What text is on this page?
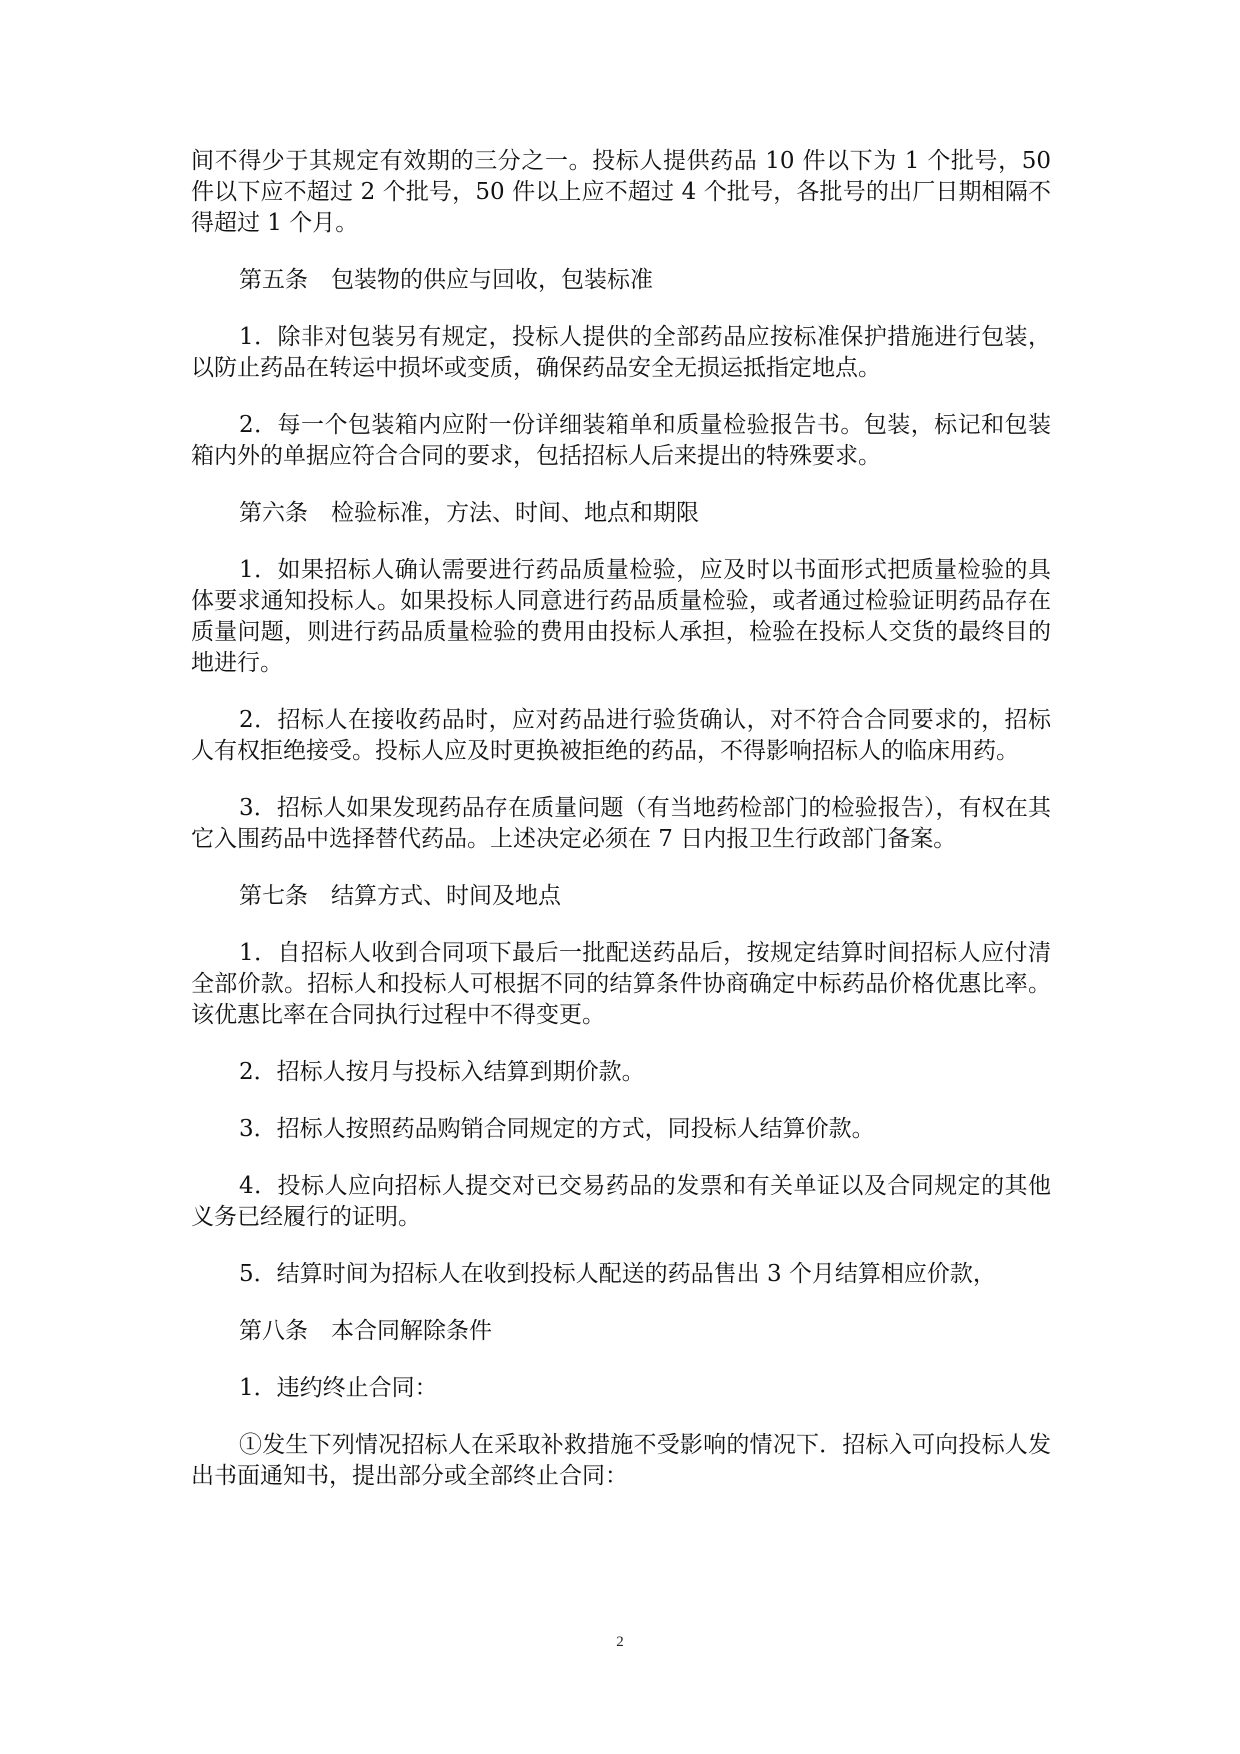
间不得少于其规定有效期的三分之一。投标人提供药品 10 件以下为 1 个批号，50 件以下应不超过 2 个批号，50 件以上应不超过 4 个批号，各批号的出厂日期相隔不得超过 1 个月。

第五条　包装物的供应与回收，包装标准

1．除非对包装另有规定，投标人提供的全部药品应按标准保护措施进行包装，以防止药品在转运中损坏或变质，确保药品安全无损运抵指定地点。

2．每一个包装箱内应附一份详细装箱单和质量检验报告书。包装，标记和包装箱内外的单据应符合合同的要求，包括招标人后来提出的特殊要求。

第六条　检验标准，方法、时间、地点和期限

1．如果招标人确认需要进行药品质量检验，应及时以书面形式把质量检验的具体要求通知投标人。如果投标人同意进行药品质量检验，或者通过检验证明药品存在质量问题，则进行药品质量检验的费用由投标人承担，检验在投标人交货的最终目的地进行。

2．招标人在接收药品时，应对药品进行验货确认，对不符合合同要求的，招标人有权拒绝接受。投标人应及时更换被拒绝的药品，不得影响招标人的临床用药。

3．招标人如果发现药品存在质量问题（有当地药检部门的检验报告），有权在其它入围药品中选择替代药品。上述决定必须在 7 日内报卫生行政部门备案。

第七条　结算方式、时间及地点

1．自招标人收到合同项下最后一批配送药品后，按规定结算时间招标人应付清全部价款。招标人和投标人可根据不同的结算条件协商确定中标药品价格优惠比率。该优惠比率在合同执行过程中不得变更。

2．招标人按月与投标入结算到期价款。

3．招标人按照药品购销合同规定的方式，同投标人结算价款。

4．投标人应向招标人提交对已交易药品的发票和有关单证以及合同规定的其他义务已经履行的证明。

5．结算时间为招标人在收到投标人配送的药品售出 3 个月结算相应价款，

第八条　本合同解除条件

1．违约终止合同：

①发生下列情况招标人在采取补救措施不受影响的情况下．招标入可向投标人发出书面通知书，提出部分或全部终止合同：

2
